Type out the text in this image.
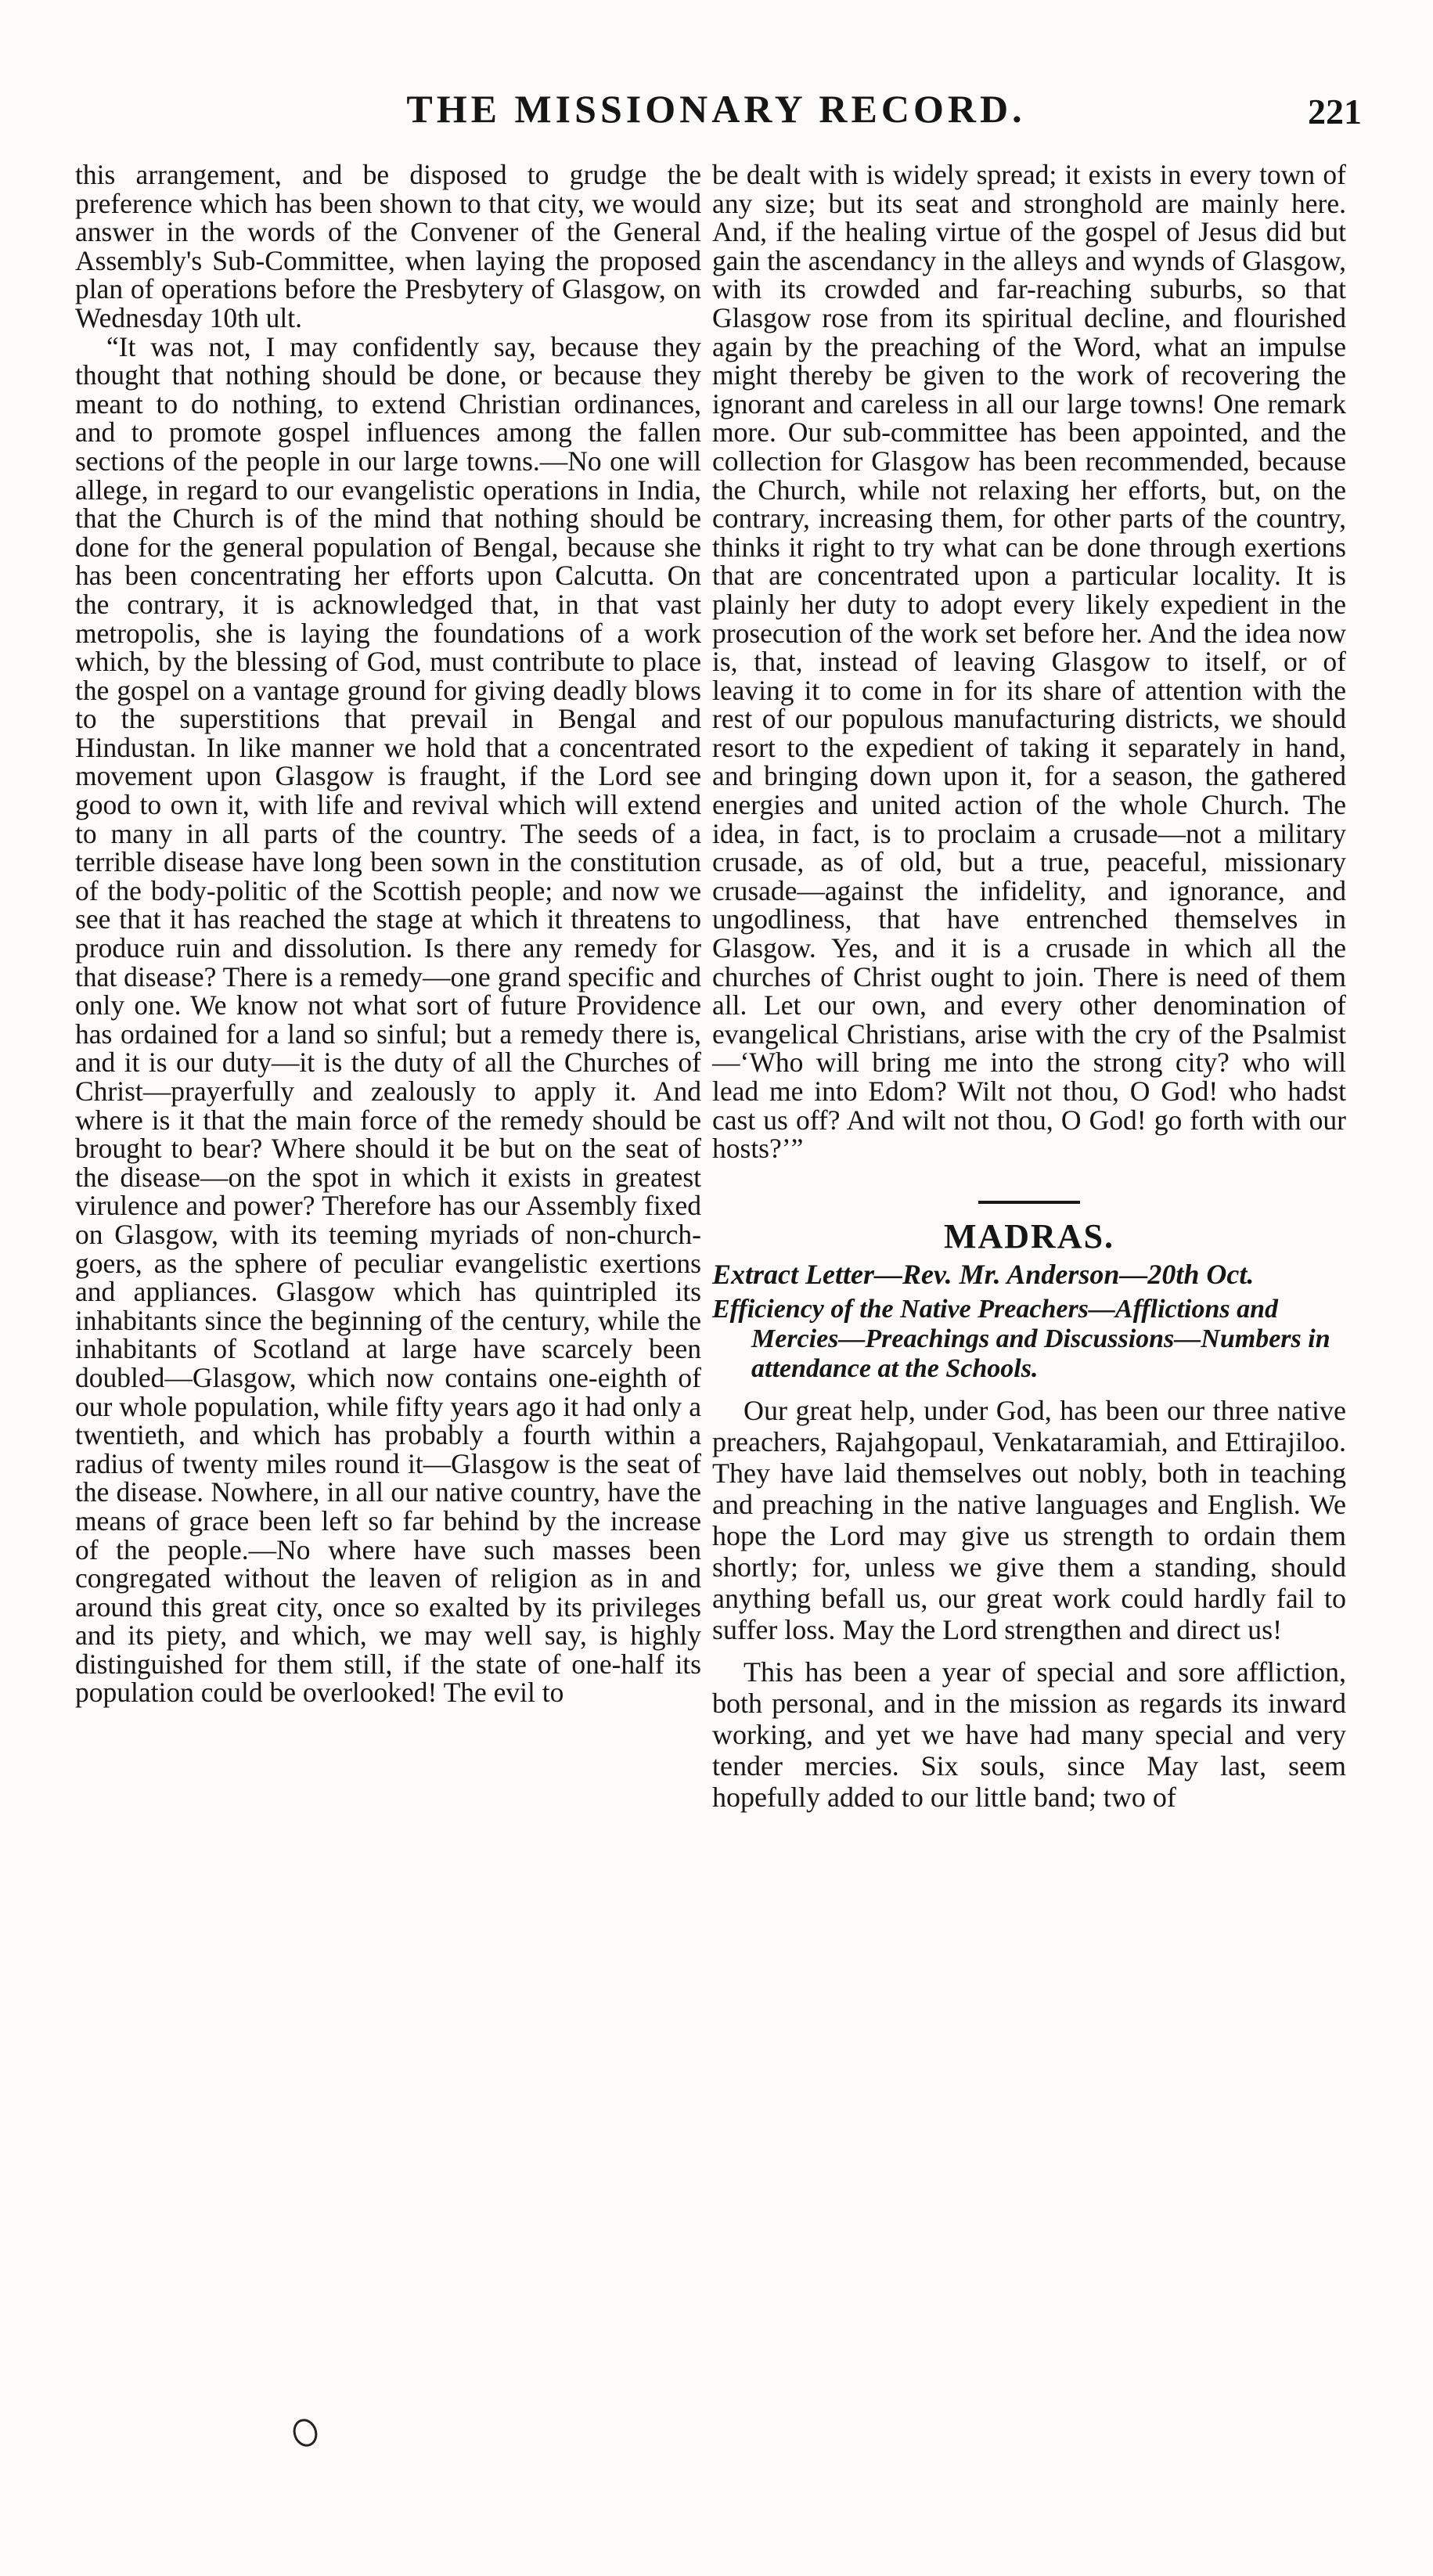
THE MISSIONARY RECORD.	221

this arrangement, and be disposed to grudge the preference which has been shown to that city, we would answer in the words of the Convener of the General Assembly's Sub-Committee, when laying the proposed plan of operations before the Presbytery of Glasgow, on Wednesday 10th ult.

“It was not, I may confidently say, because they thought that nothing should be done, or because they meant to do nothing, to extend Christian ordinances, and to promote gospel influences among the fallen sections of the people in our large towns.—No one will allege, in regard to our evangelistic operations in India, that the Church is of the mind that nothing should be done for the general population of Bengal, because she has been concentrating her efforts upon Calcutta. On the contrary, it is acknowledged that, in that vast metropolis, she is laying the foundations of a work which, by the blessing of God, must contribute to place the gospel on a vantage ground for giving deadly blows to the superstitions that prevail in Bengal and Hindustan. In like manner we hold that a concentrated movement upon Glasgow is fraught, if the Lord see good to own it, with life and revival which will extend to many in all parts of the country. The seeds of a terrible disease have long been sown in the constitution of the body-politic of the Scottish people; and now we see that it has reached the stage at which it threatens to produce ruin and dissolution. Is there any remedy for that disease? There is a remedy—one grand specific and only one. We know not what sort of future Providence has ordained for a land so sinful; but a remedy there is, and it is our duty—it is the duty of all the Churches of Christ—prayerfully and zealously to apply it. And where is it that the main force of the remedy should be brought to bear? Where should it be but on the seat of the disease—on the spot in which it exists in greatest virulence and power? Therefore has our Assembly fixed on Glasgow, with its teeming myriads of non-church-goers, as the sphere of peculiar evangelistic exertions and appliances. Glasgow which has quintripled its inhabitants since the beginning of the century, while the inhabitants of Scotland at large have scarcely been doubled—Glasgow, which now contains one-eighth of our whole population, while fifty years ago it had only a twentieth, and which has probably a fourth within a radius of twenty miles round it—Glasgow is the seat of the disease. Nowhere, in all our native country, have the means of grace been left so far behind by the increase of the people.—No where have such masses been congregated without the leaven of religion as in and around this great city, once so exalted by its privileges and its piety, and which, we may well say, is highly distinguished for them still, if the state of one-half its population could be overlooked! The evil to

be dealt with is widely spread; it exists in every town of any size; but its seat and stronghold are mainly here. And, if the healing virtue of the gospel of Jesus did but gain the ascendancy in the alleys and wynds of Glasgow, with its crowded and far-reaching suburbs, so that Glasgow rose from its spiritual decline, and flourished again by the preaching of the Word, what an impulse might thereby be given to the work of recovering the ignorant and careless in all our large towns! One remark more. Our sub-committee has been appointed, and the collection for Glasgow has been recommended, because the Church, while not relaxing her efforts, but, on the contrary, increasing them, for other parts of the country, thinks it right to try what can be done through exertions that are concentrated upon a particular locality. It is plainly her duty to adopt every likely expedient in the prosecution of the work set before her. And the idea now is, that, instead of leaving Glasgow to itself, or of leaving it to come in for its share of attention with the rest of our populous manufacturing districts, we should resort to the expedient of taking it separately in hand, and bringing down upon it, for a season, the gathered energies and united action of the whole Church. The idea, in fact, is to proclaim a crusade—not a military crusade, as of old, but a true, peaceful, missionary crusade—against the infidelity, and ignorance, and ungodliness, that have entrenched themselves in Glasgow. Yes, and it is a crusade in which all the churches of Christ ought to join. There is need of them all. Let our own, and every other denomination of evangelical Christians, arise with the cry of the Psalmist—‘Who will bring me into the strong city? who will lead me into Edom? Wilt not thou, O God! who hadst cast us off? And wilt not thou, O God! go forth with our hosts?’”

MADRAS.
Extract Letter—Rev. Mr. Anderson—20th Oct.
Efficiency of the Native Preachers—Afflictions and Mercies—Preachings and Discussions—Numbers in attendance at the Schools.

Our great help, under God, has been our three native preachers, Rajahgopaul, Venkataramiah, and Ettirajiloo. They have laid themselves out nobly, both in teaching and preaching in the native languages and English. We hope the Lord may give us strength to ordain them shortly; for, unless we give them a standing, should anything befall us, our great work could hardly fail to suffer loss. May the Lord strengthen and direct us!

This has been a year of special and sore affliction, both personal, and in the mission as regards its inward working, and yet we have had many special and very tender mercies. Six souls, since May last, seem hopefully added to our little band; two of
